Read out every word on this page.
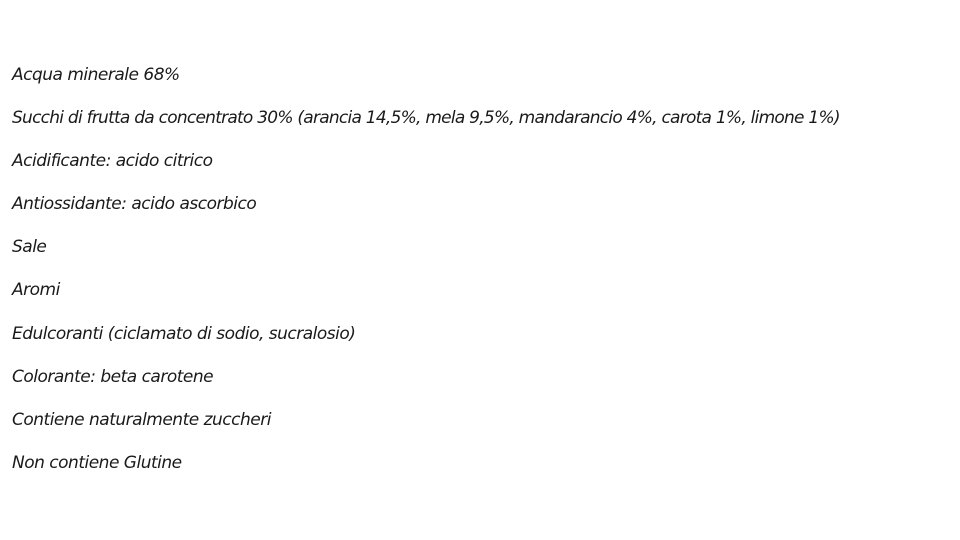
Acqua minerale 68%
Succhi di frutta da concentrato 30% (arancia 14,5%, mela 9,5%, mandarancio 4%, carota 1%, limone 1%)
Acidificante: acido citrico
Antiossidante: acido ascorbico
Sale
Aromi
Edulcoranti (ciclamato di sodio, sucralosio)
Colorante: beta carotene
Contiene naturalmente zuccheri
Non contiene Glutine
